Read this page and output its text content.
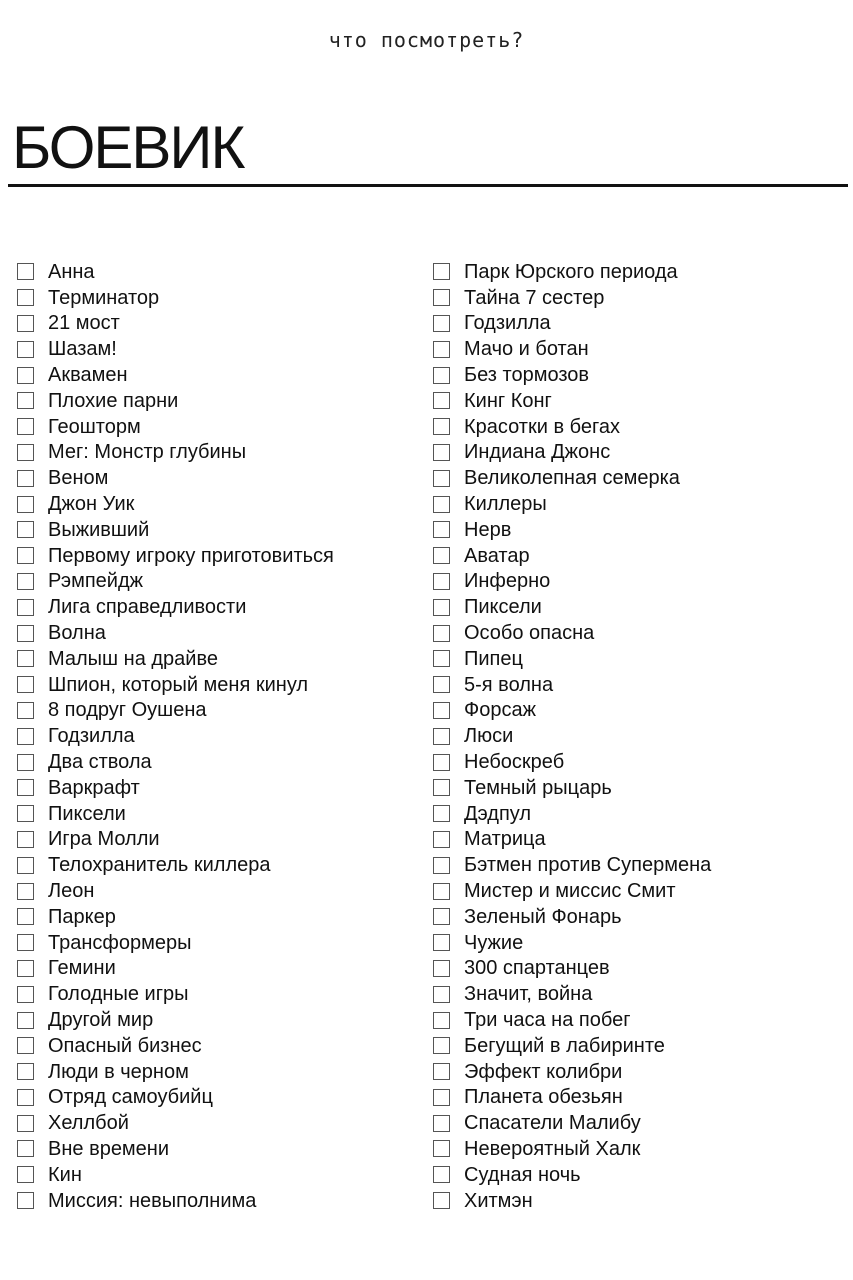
что посмотреть?
БОЕВИК
Анна
Терминатор
21 мост
Шазам!
Аквамен
Плохие парни
Геошторм
Мег: Монстр глубины
Веном
Джон Уик
Выживший
Первому игроку приготовиться
Рэмпейдж
Лига справедливости
Волна
Малыш на драйве
Шпион, который меня кинул
8 подруг Оушена
Годзилла
Два ствола
Варкрафт
Пиксели
Игра Молли
Телохранитель киллера
Леон
Паркер
Трансформеры
Гемини
Голодные игры
Другой мир
Опасный бизнес
Люди в черном
Отряд самоубийц
Хеллбой
Вне времени
Кин
Миссия: невыполнима
Парк Юрского периода
Тайна 7 сестер
Годзилла
Мачо и ботан
Без тормозов
Кинг Конг
Красотки в бегах
Индиана Джонс
Великолепная семерка
Киллеры
Нерв
Аватар
Инферно
Пиксели
Особо опасна
Пипец
5-я волна
Форсаж
Люси
Небоскреб
Темный рыцарь
Дэдпул
Матрица
Бэтмен против Супермена
Мистер и миссис Смит
Зеленый Фонарь
Чужие
300 спартанцев
Значит, война
Три часа на побег
Бегущий в лабиринте
Эффект колибри
Планета обезьян
Спасатели Малибу
Невероятный Халк
Судная ночь
Хитмэн
